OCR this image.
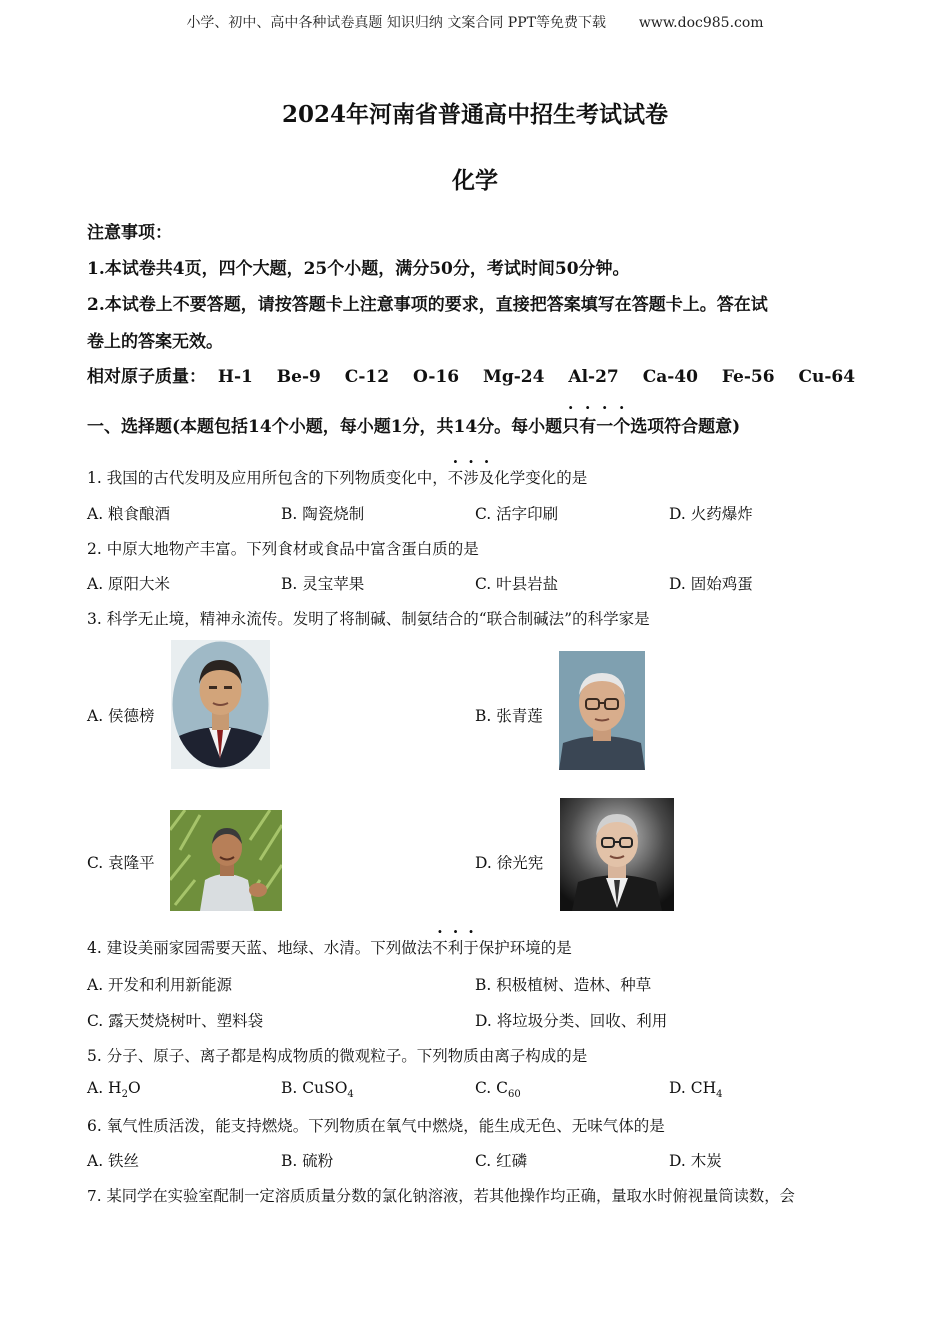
小学、初中、高中各种试卷真题 知识归纳 文案合同 PPT等免费下载 www.doc985.com
2024年河南省普通高中招生考试试卷
化学
注意事项：
1.本试卷共4页，四个大题，25个小题，满分50分，考试时间50分钟。
2.本试卷上不要答题，请按答题卡上注意事项的要求，直接把答案填写在答题卡上。答在试
卷上的答案无效。
相对原子质量： H-1 Be-9 C-12 O-16 Mg-24 Al-27 Ca-40 Fe-56 Cu-64
一、选择题(本题包括14个小题，每小题1分，共14分。每小题只有一个选项符合题意)
1. 我国的古代发明及应用所包含的下列物质变化中，不涉及化学变化的是
A. 粮食酿酒	B. 陶瓷烧制	C. 活字印刷	D. 火药爆炸
2. 中原大地物产丰富。下列食材或食品中富含蛋白质的是
A. 原阳大米	B. 灵宝苹果	C. 叶县岩盐	D. 固始鸡蛋
3. 科学无止境，精神永流传。发明了将制碱、制氨结合的“联合制碱法”的科学家是
A. 侯德榜	B. 张青莲
C. 袁隆平	D. 徐光宪
4. 建设美丽家园需要天蓝、地绿、水清。下列做法不利于保护环境的是
A. 开发和利用新能源	B. 积极植树、造林、种草
C. 露天焚烧树叶、塑料袋	D. 将垃圾分类、回收、利用
5. 分子、原子、离子都是构成物质的微观粒子。下列物质由离子构成的是
A. $H_2O$	B. CuSO$_4$	C. $C_{60}$	D. $CH_4$
6. 氧气性质活泼，能支持燃烧。下列物质在氧气中燃烧，能生成无色、无味气体的是
A. 铁丝	B. 硫粉	C. 红磷	D. 木炭
7. 某同学在实验室配制一定溶质质量分数的氯化钠溶液，若其他操作均正确，量取水时俯视量筒读数，会
